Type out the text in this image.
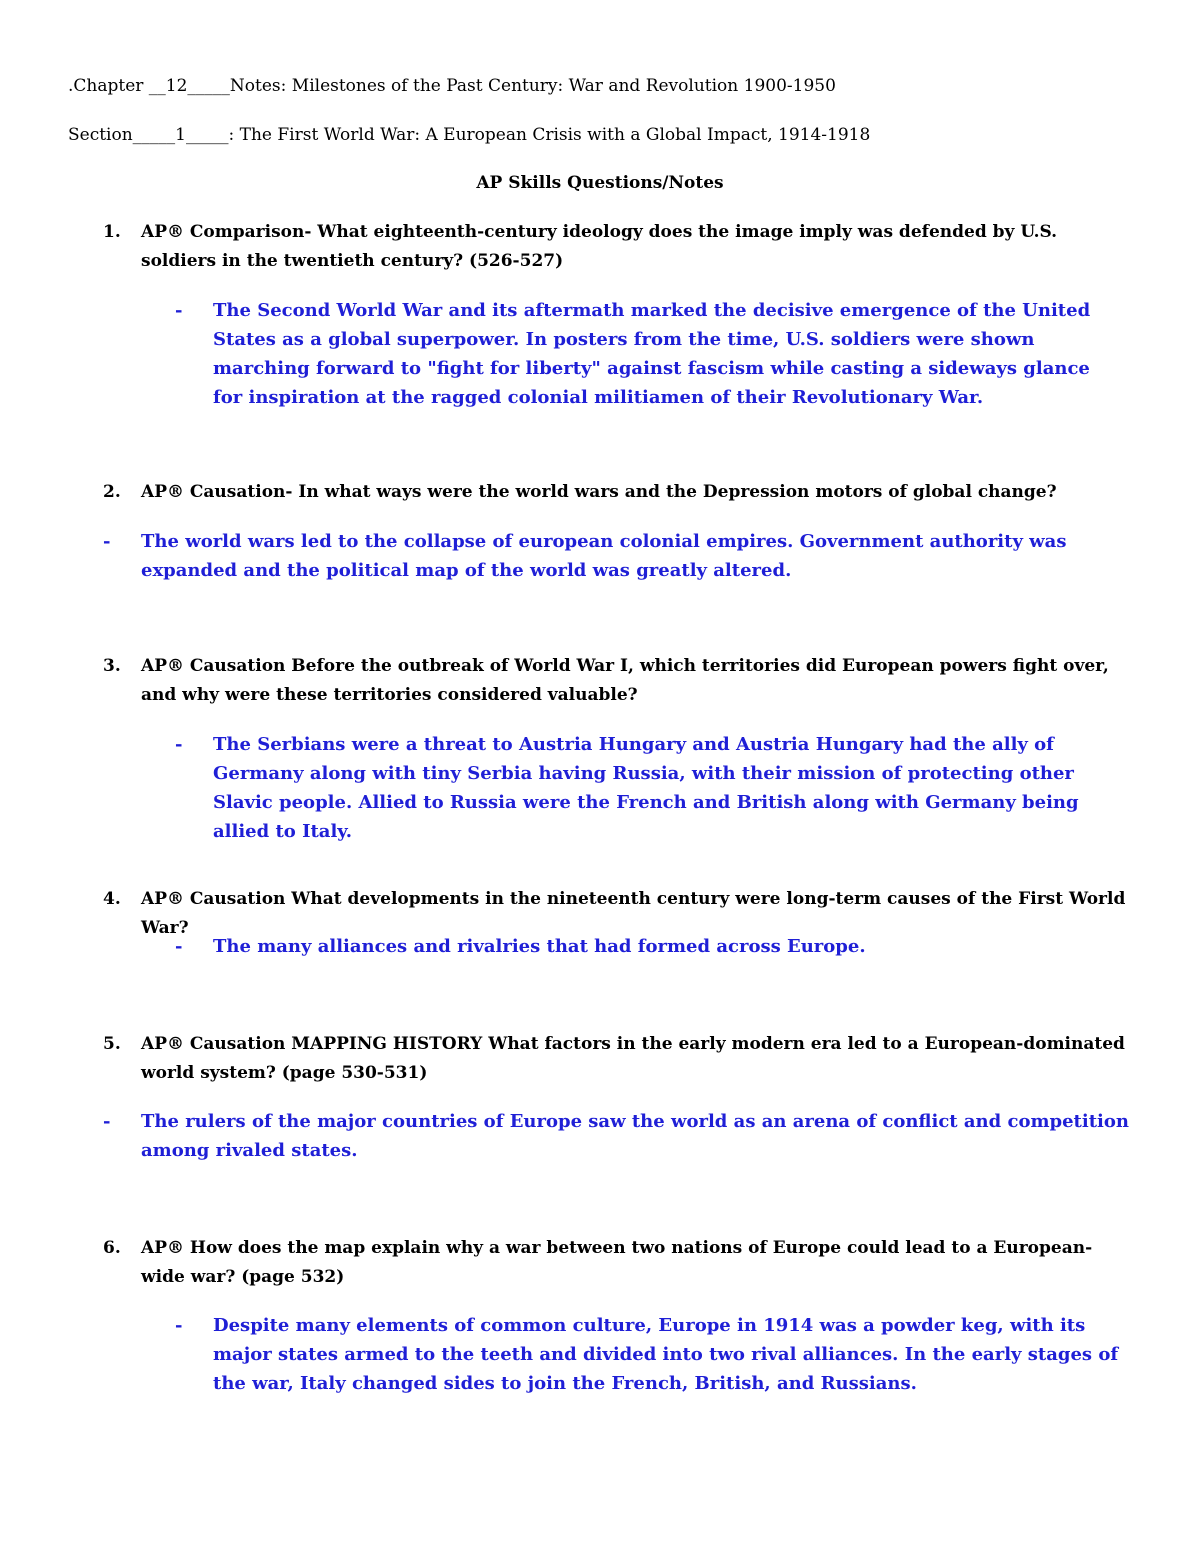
.Chapter __12_____Notes: Milestones of the Past Century: War and Revolution 1900-1950
Section_____1_____: The First World War: A European Crisis with a Global Impact, 1914-1918
AP Skills Questions/Notes
1.	AP® Comparison- What eighteenth-century ideology does the image imply was defended by U.S. soldiers in the twentieth century? (526-527)
-	The Second World War and its aftermath marked the decisive emergence of the United States as a global superpower. In posters from the time, U.S. soldiers were shown marching forward to "fight for liberty" against fascism while casting a sideways glance for inspiration at the ragged colonial militiamen of their Revolutionary War.
2.	AP® Causation- In what ways were the world wars and the Depression motors of global change?
-	The world wars led to the collapse of european colonial empires. Government authority was expanded and the political map of the world was greatly altered.
3.	AP® Causation Before the outbreak of World War I, which territories did European powers fight over, and why were these territories considered valuable?
-	The Serbians were a threat to Austria Hungary and Austria Hungary had the ally of Germany along with tiny Serbia having Russia, with their mission of protecting other Slavic people. Allied to Russia were the French and British along with Germany being allied to Italy.
4.	AP® Causation What developments in the nineteenth century were long-term causes of the First World War?
-	The many alliances and rivalries that had formed across Europe.
5.	AP® Causation MAPPING HISTORY What factors in the early modern era led to a European-dominated world system? (page 530-531)
-	The rulers of the major countries of Europe saw the world as an arena of conflict and competition among rivaled states.
6.	AP® How does the map explain why a war between two nations of Europe could lead to a European-wide war? (page 532)
-	Despite many elements of common culture, Europe in 1914 was a powder keg, with its major states armed to the teeth and divided into two rival alliances. In the early stages of the war, Italy changed sides to join the French, British, and Russians.
